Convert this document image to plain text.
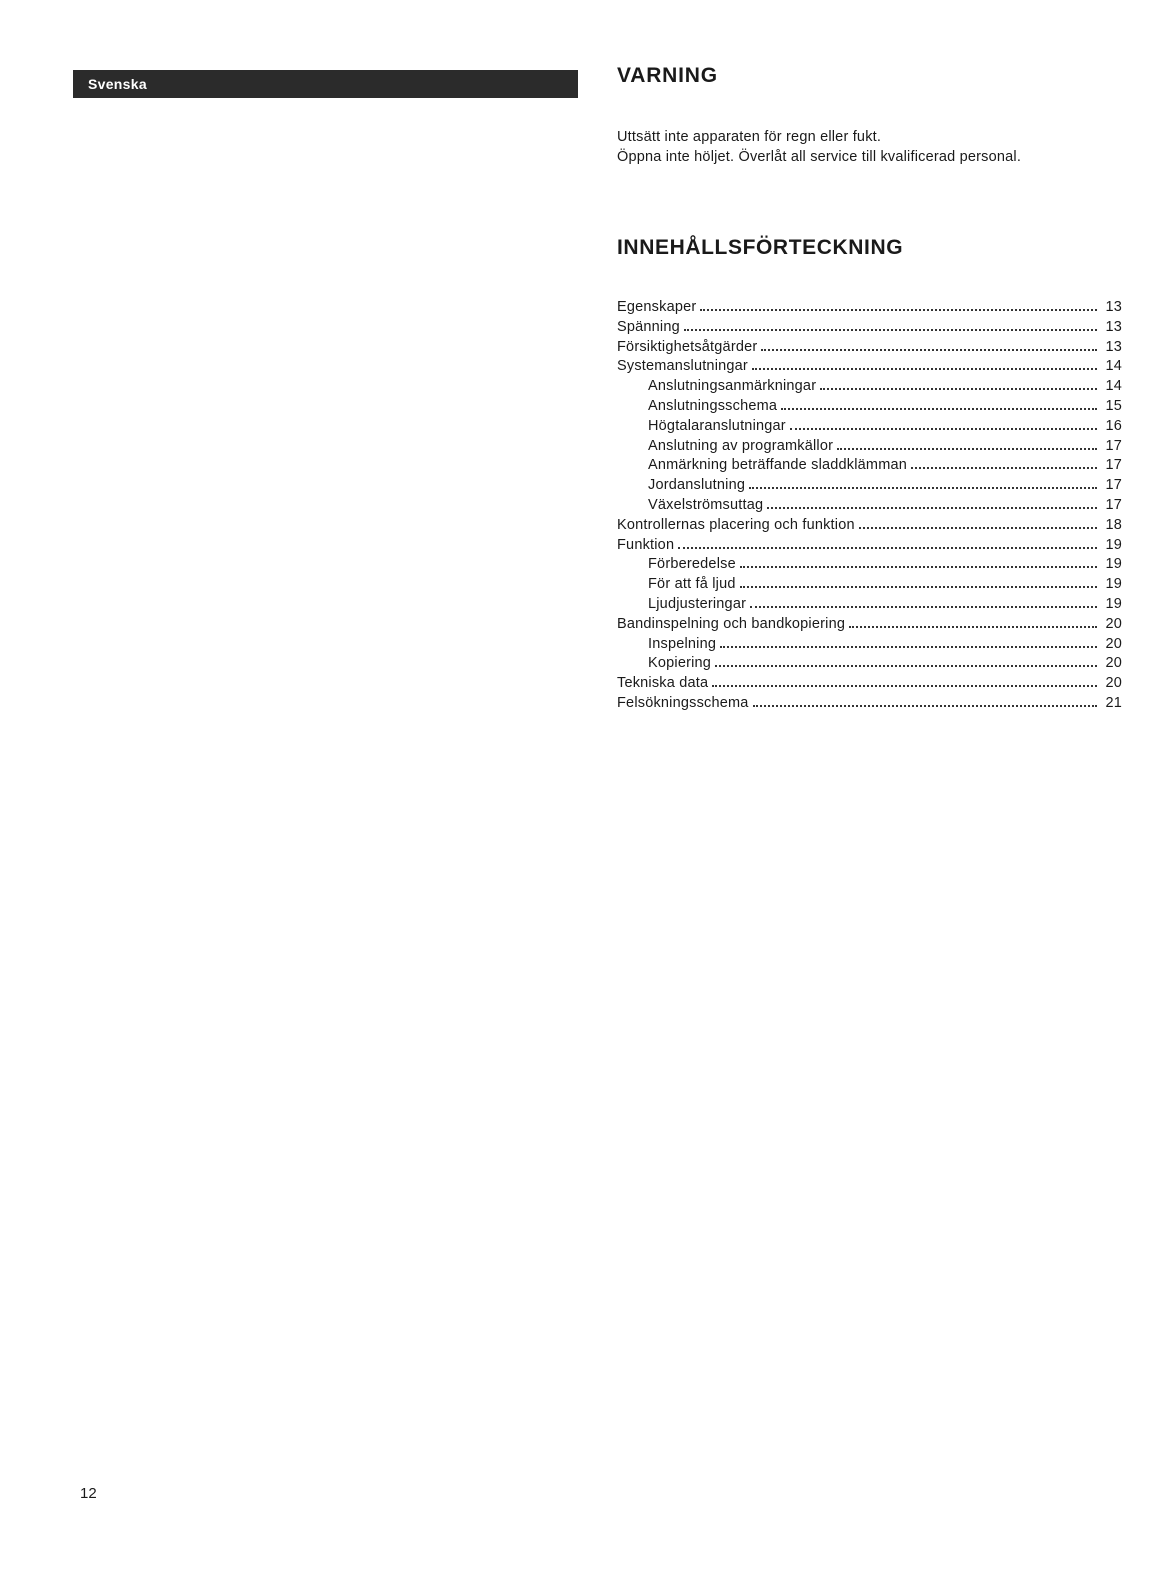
Svenska	VARNING
Uttsätt inte apparaten för regn eller fukt.
Öppna inte höljet. Överlåt all service till kvalificerad personal.
INNEHÅLLSFÖRTECKNING
Egenskaper	13
Spänning	13
Försiktighetsåtgärder	13
Systemanslutningar	14
Anslutningsanmärkningar	14
Anslutningsschema	15
Högtalaranslutningar	16
Anslutning av programkällor	17
Anmärkning beträffande sladdklämman	17
Jordanslutning	17
Växelströmsuttag	17
Kontrollernas placering och funktion	18
Funktion	19
Förberedelse	19
För att få ljud	19
Ljudjusteringar	19
Bandinspelning och bandkopiering	20
Inspelning	20
Kopiering	20
Tekniska data	20
Felsökningsschema	21
12
